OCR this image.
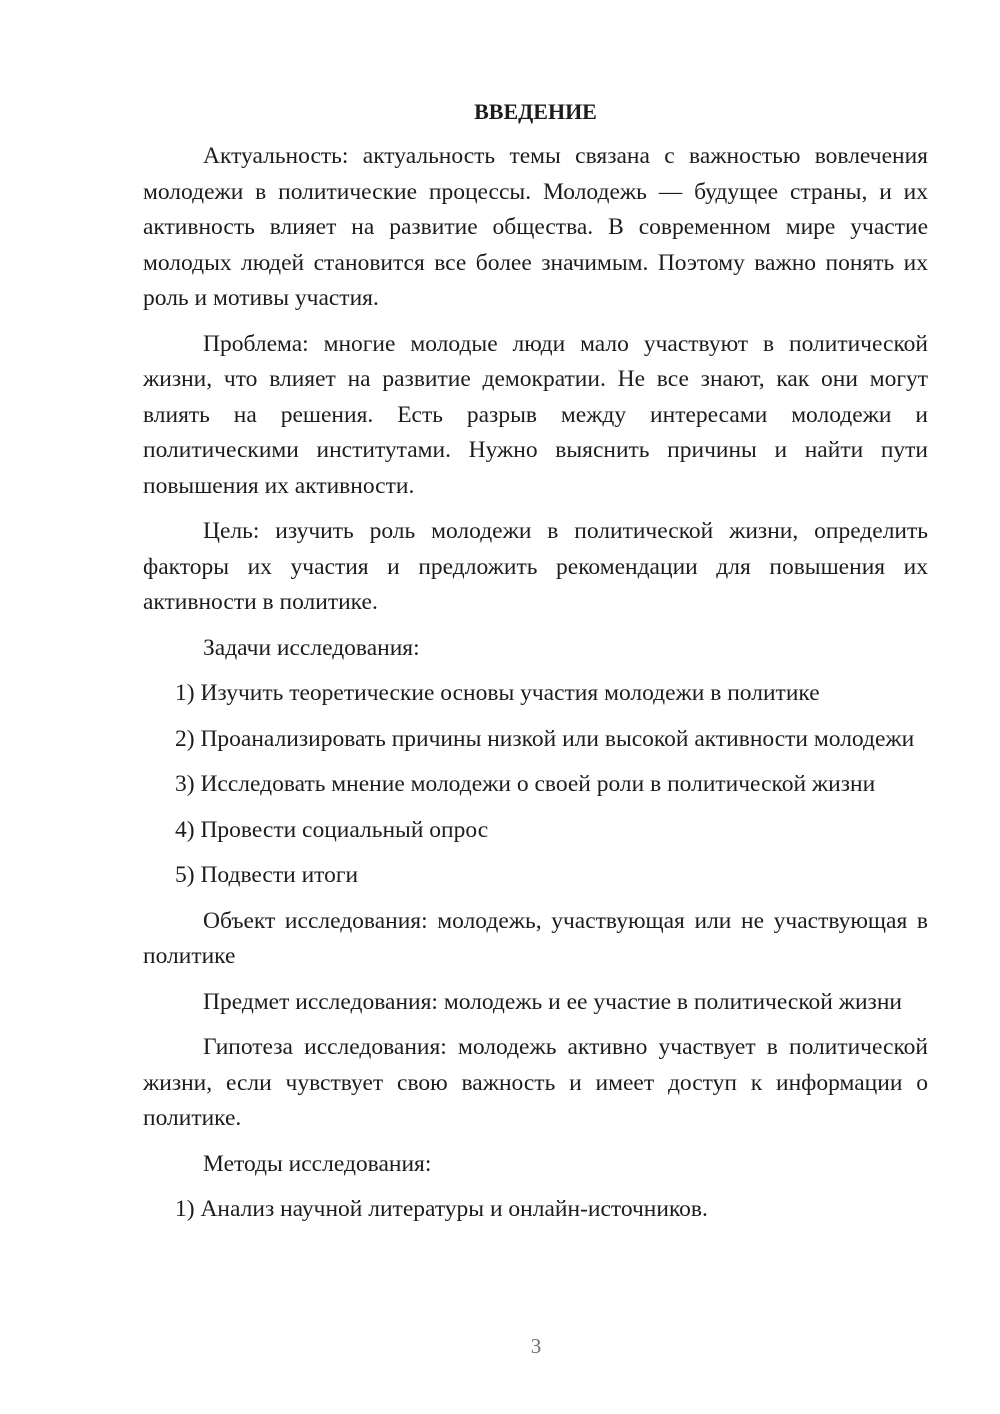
ВВЕДЕНИЕ

Актуальность: актуальность темы связана с важностью вовлечения молодежи в политические процессы. Молодежь — будущее страны, и их активность влияет на развитие общества. В современном мире участие молодых людей становится все более значимым. Поэтому важно понять их роль и мотивы участия.

Проблема: многие молодые люди мало участвуют в политической жизни, что влияет на развитие демократии. Не все знают, как они могут влиять на решения. Есть разрыв между интересами молодежи и политическими институтами. Нужно выяснить причины и найти пути повышения их активности.

Цель: изучить роль молодежи в политической жизни, определить факторы их участия и предложить рекомендации для повышения их активности в политике.

Задачи исследования:

1) Изучить теоретические основы участия молодежи в политике

2) Проанализировать причины низкой или высокой активности молодежи

3) Исследовать мнение молодежи о своей роли в политической жизни

4) Провести социальный опрос

5) Подвести итоги

Объект исследования: молодежь, участвующая или не участвующая в политике

Предмет исследования: молодежь и ее участие в политической жизни

Гипотеза исследования: молодежь активно участвует в политической жизни, если чувствует свою важность и имеет доступ к информации о политике.

Методы исследования:

1) Анализ научной литературы и онлайн-источников.

3
